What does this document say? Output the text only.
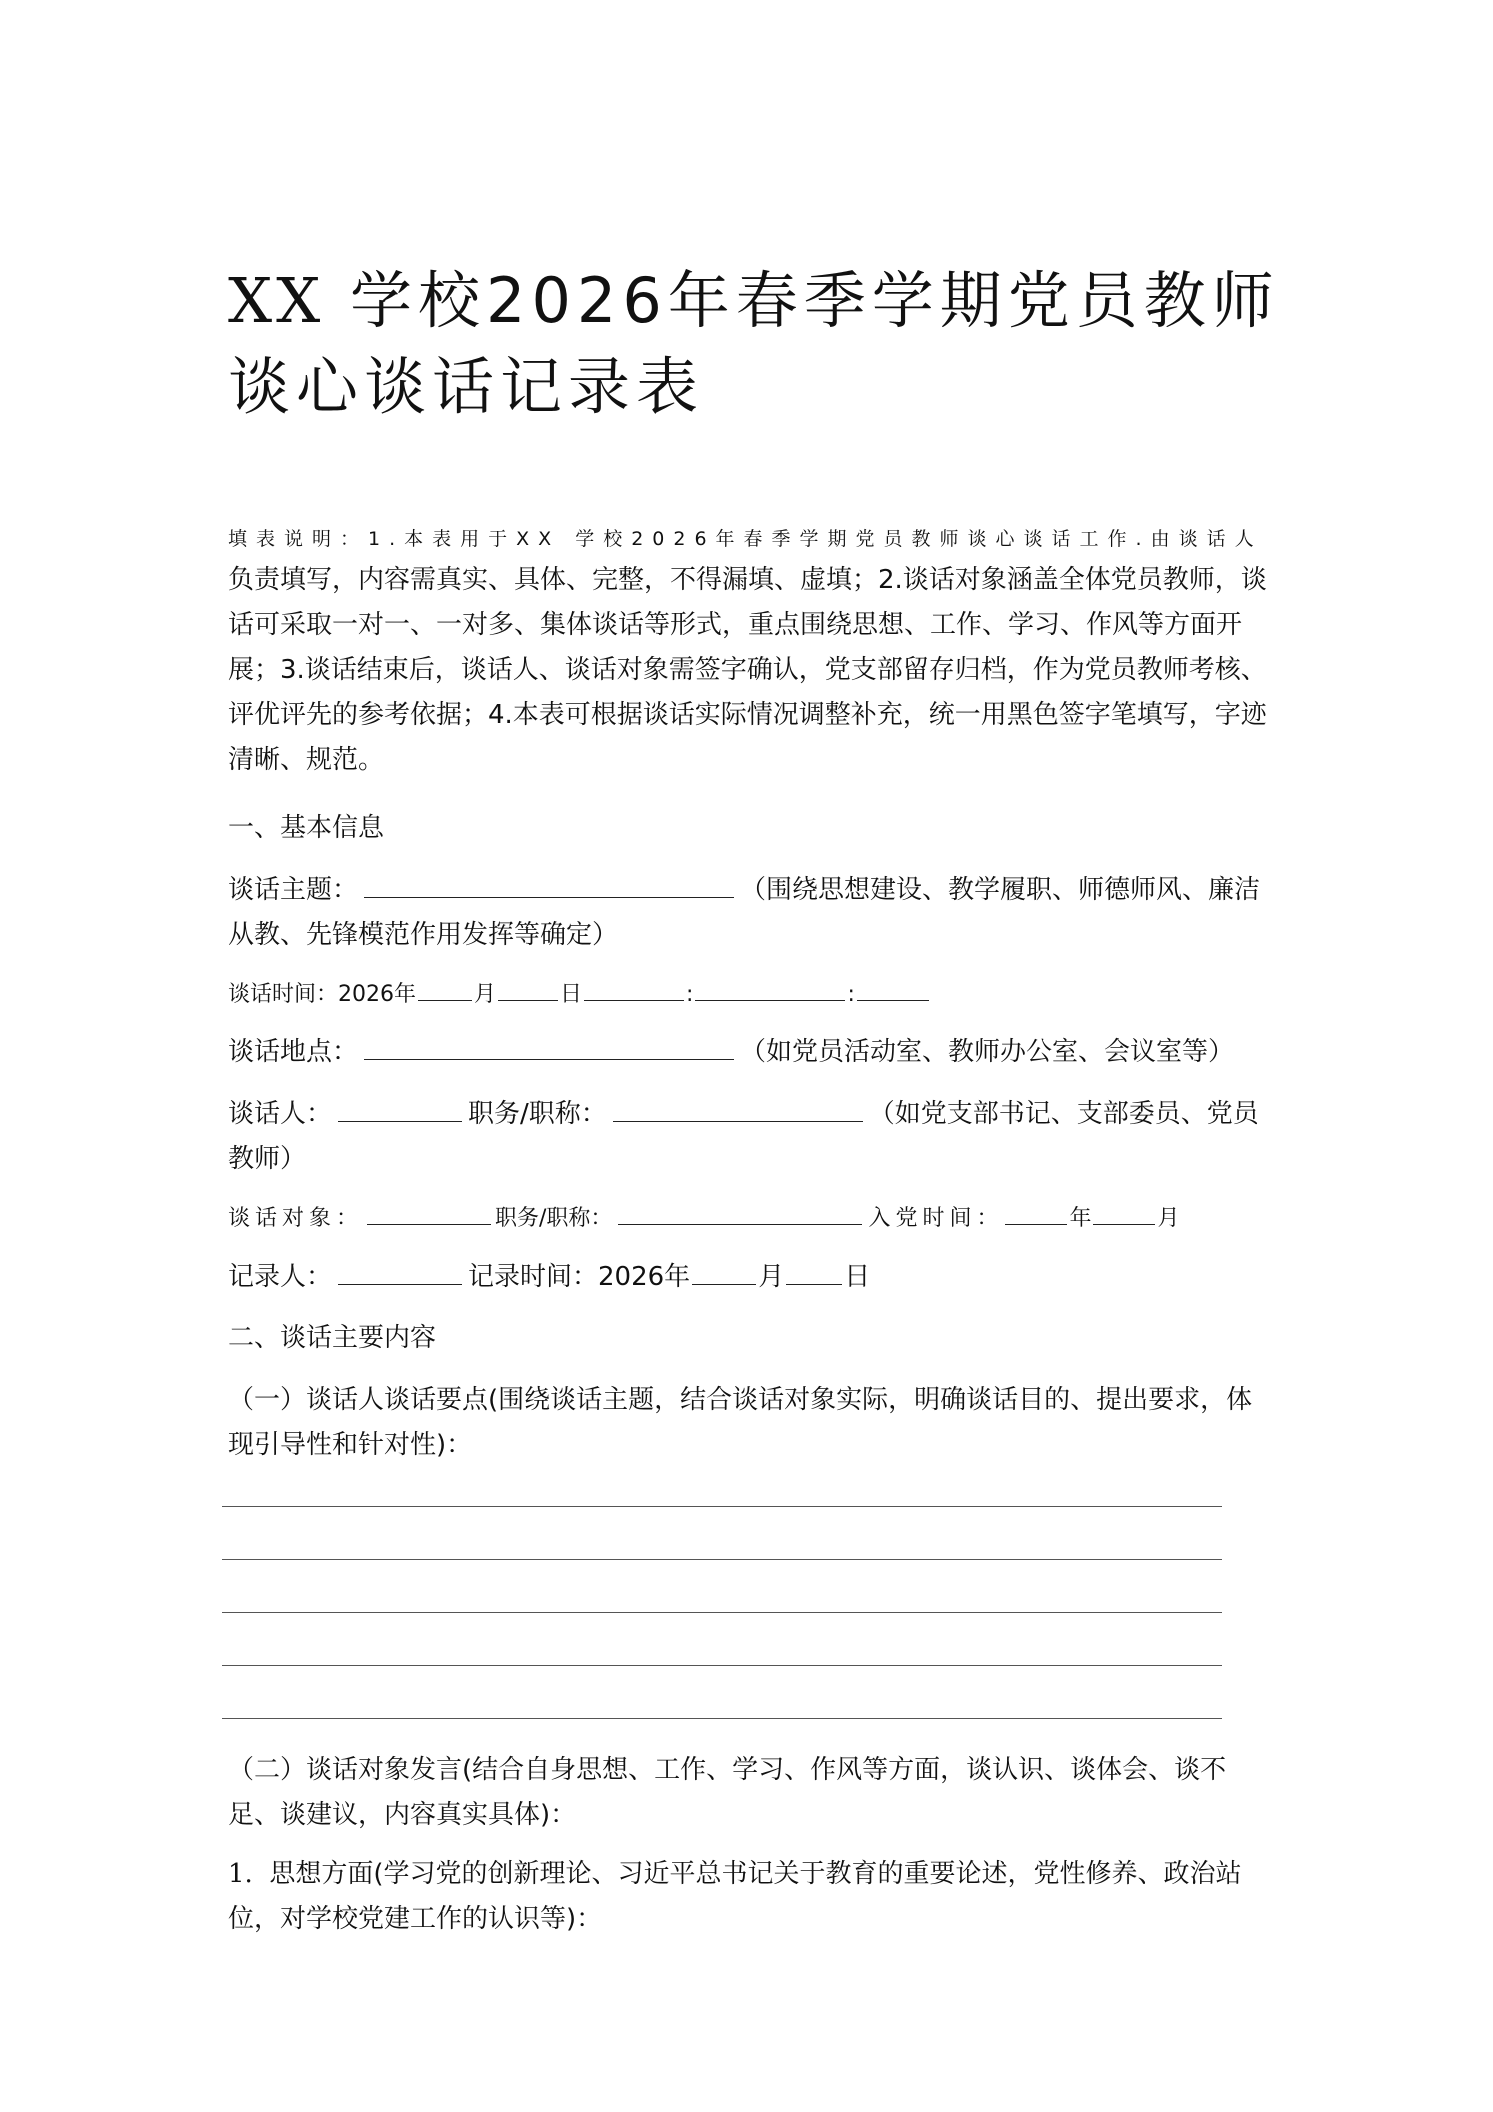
XX 学校2026年春季学期党员教师
谈心谈话记录表
填表说明：1.本表用于XX 学校2026年春季学期党员教师谈心谈话工作.由谈话人
负责填写，内容需真实、具体、完整，不得漏填、虚填；2.谈话对象涵盖全体党员教师，谈话可采取一对一、一对多、集体谈话等形式，重点围绕思想、工作、学习、作风等方面开展；3.谈话结束后，谈话人、谈话对象需签字确认，党支部留存归档，作为党员教师考核、评优评先的参考依据；4.本表可根据谈话实际情况调整补充，统一用黑色签字笔填写，字迹清晰、规范。
一、基本信息
谈话主题：	（围绕思想建设、教学履职、师德师风、廉洁从教、先锋模范作用发挥等确定）
谈话时间：2026年	月	日	:	:
谈话地点：	（如党员活动室、教师办公室、会议室等）
谈话人：	职务/职称：	（如党支部书记、支部委员、党员教师）
谈话对象：	职务/职称：	入党时间：	年	月
记录人：	记录时间：2026年	月 日
二、谈话主要内容
（一）谈话人谈话要点(围绕谈话主题，结合谈话对象实际，明确谈话目的、提出要求，体现引导性和针对性)：
（二）谈话对象发言(结合自身思想、工作、学习、作风等方面，谈认识、谈体会、谈不足、谈建议，内容真实具体)：
1. 思想方面(学习党的创新理论、习近平总书记关于教育的重要论述，党性修养、政治站位，对学校党建工作的认识等)：
